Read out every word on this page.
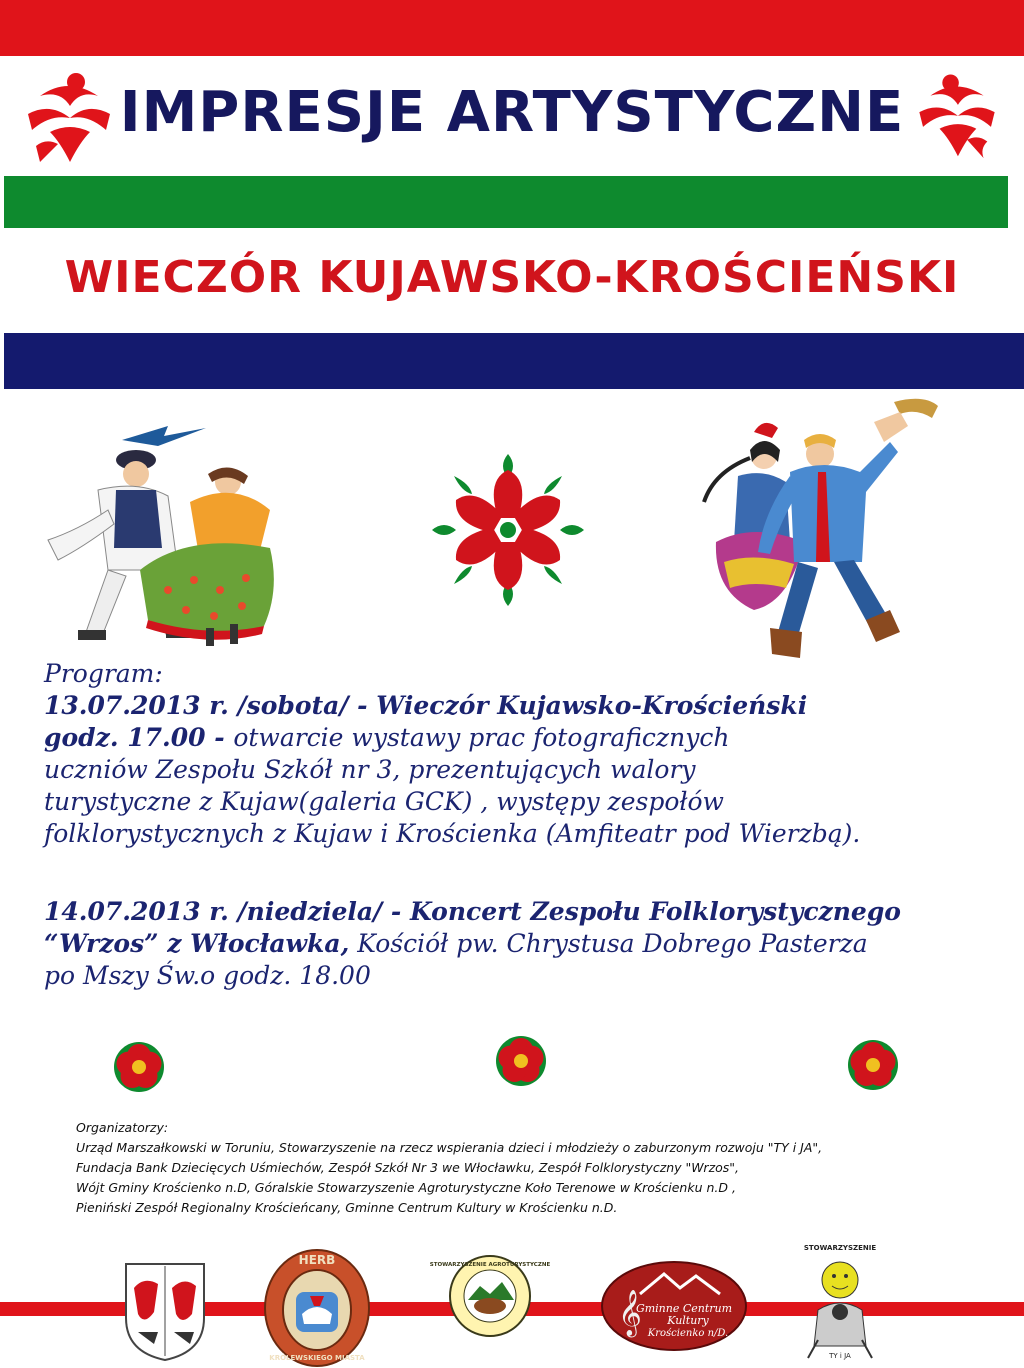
IMPRESJE ARTYSTYCZNE
WIECZÓR KUJAWSKO-KROŚCIEŃSKI

Program:

13.07.2013 r. /sobota/ - Wieczór Kujawsko-Krościeński

godz. 17.00 - otwarcie wystawy prac fotograficznych

uczniów Zespołu Szkół nr 3, prezentujących walory

turystyczne z Kujaw(galeria GCK) , występy zespołów

folklorystycznych z Kujaw i Krościenka (Amfiteatr pod Wierzbą).

14.07.2013 r. /niedziela/ - Koncert Zespołu Folklorystycznego

“Wrzos” z Włocławka, Kościół pw. Chrystusa Dobrego Pasterza

po Mszy Św.o godz. 18.00

Organizatorzy:

Urząd Marszałkowski w Toruniu, Stowarzyszenie na rzecz wspierania dzieci i młodzieży o zaburzonym rozwoju "TY i JA",

Fundacja Bank Dziecięcych Uśmiechów, Zespół Szkół Nr 3 we Włocławku, Zespół Folklorystyczny "Wrzos",

Wójt Gminy Krościenko n.D, Góralskie Stowarzyszenie Agroturystyczne Koło Terenowe w Krościenku n.D ,

Pieniński Zespół Regionalny Krościeńcany, Gminne Centrum Kultury w Krościenku n.D.

HERB
KRÓLEWSKIEGO MIASTA
STOWARZYSZENIE AGROTURYSTYCZNE
𝄞
Gminne Centrum
Kultury
Krościenko n/D.
STOWARZYSZENIE
TY i JA
